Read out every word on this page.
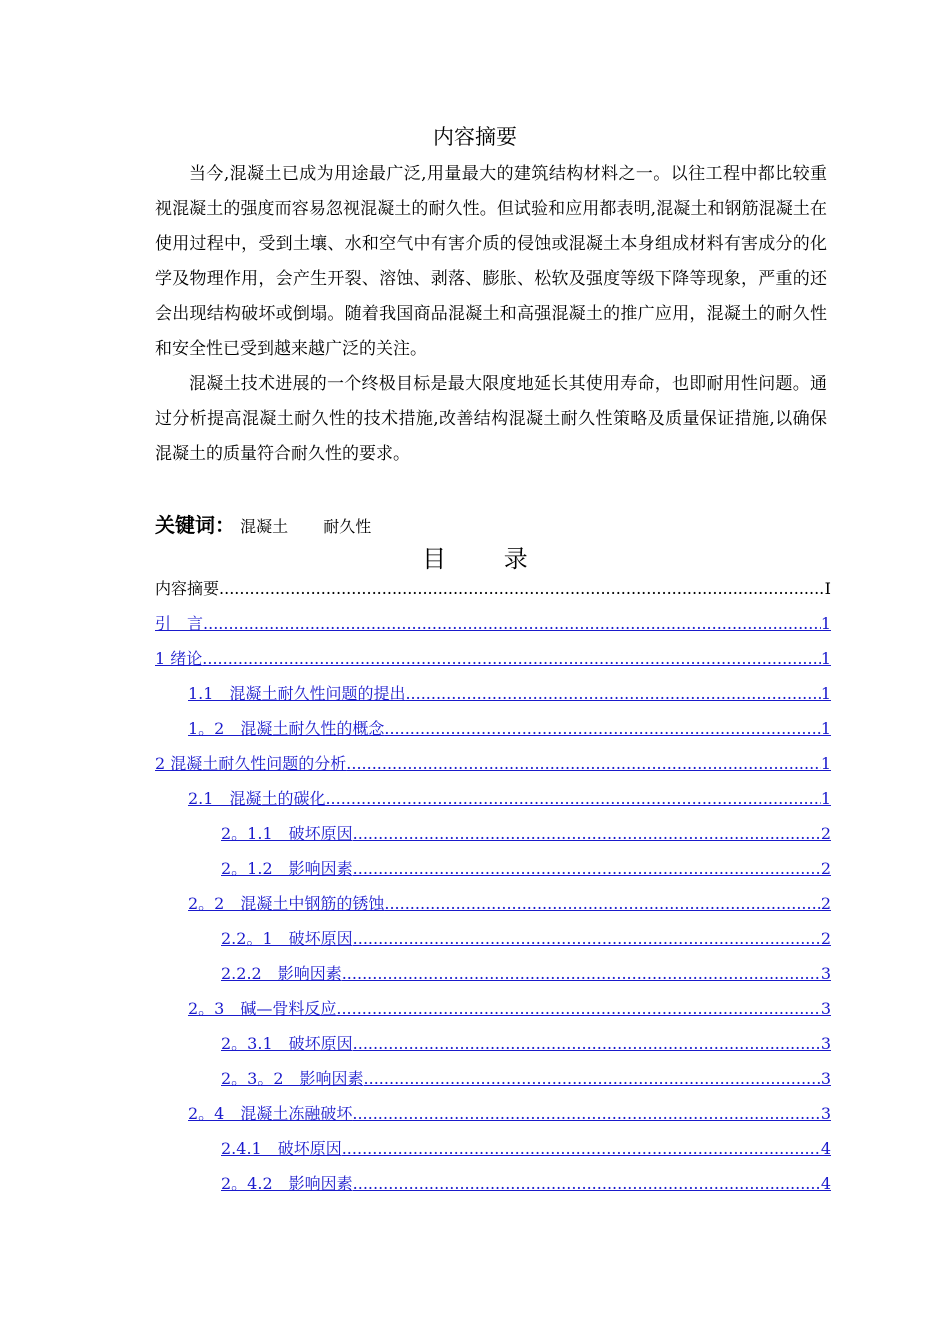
内容摘要

当今,混凝土已成为用途最广泛,用量最大的建筑结构材料之一。以往工程中都比较重视混凝土的强度而容易忽视混凝土的耐久性。但试验和应用都表明,混凝土和钢筋混凝土在使用过程中，受到土壤、水和空气中有害介质的侵蚀或混凝土本身组成材料有害成分的化学及物理作用，会产生开裂、溶蚀、剥落、膨胀、松软及强度等级下降等现象，严重的还会出现结构破坏或倒塌。随着我国商品混凝土和高强混凝土的推广应用，混凝土的耐久性和安全性已受到越来越广泛的关注。

混凝土技术进展的一个终极目标是最大限度地延长其使用寿命，也即耐用性问题。通过分析提高混凝土耐久性的技术措施,改善结构混凝土耐久性策略及质量保证措施,以确保混凝土的质量符合耐久性的要求。

关键词： 混凝土 耐久性
目 录
内容摘要 .....	I
引　言 .....	1
1 绪论 .....	1
1.1　混凝土耐久性问题的提出 .....	1
1。2　混凝土耐久性的概念 .....	1
2 混凝土耐久性问题的分析 .....	1
2.1　混凝土的碳化 .....	1
2。1.1　破坏原因 .....	2
2。1.2　影响因素 .....	2
2。2　混凝土中钢筋的锈蚀 .....	2
2.2。1　破坏原因 .....	2
2.2.2　影响因素 .....	3
2。3　碱—骨料反应 .....	3
2。3.1　破坏原因 .....	3
2。3。2　影响因素 .....	3
2。4　混凝土冻融破坏 .....	3
2.4.1　破坏原因 .....	4
2。4.2　影响因素 .....	4
